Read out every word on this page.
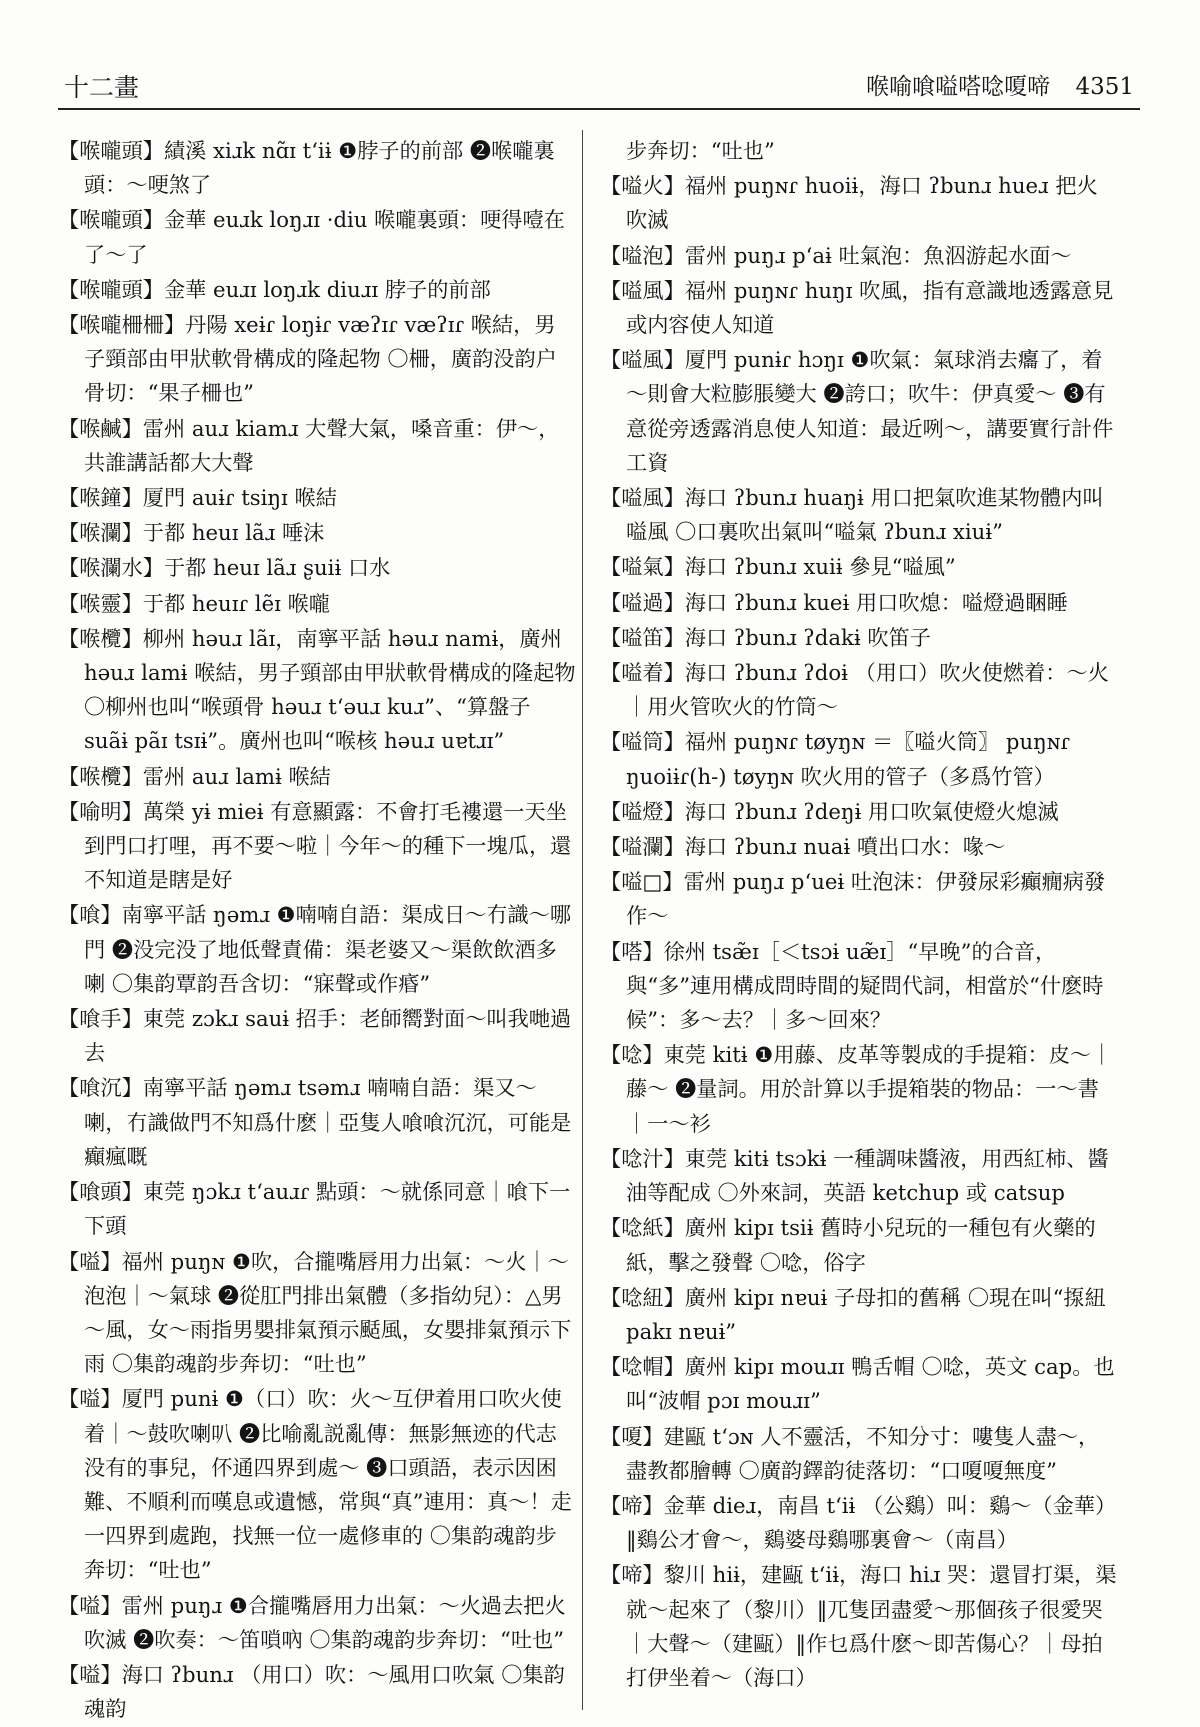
十二畫	喉喻喰嗌嗒唸嗄啼 4351
【喉嚨頭】績溪 xiɹk nɑ̃ɪ tʻiɨ ❶脖子的前部 ❷喉嚨裏頭：～哽煞了
【喉嚨頭】金華 euɹk loŋɹɪ ·diu 喉嚨裏頭：哽得噎在了～了
【喉嚨頭】金華 euɹɪ loŋɹk diuɹɪ 脖子的前部
【喉嚨柵柵】丹陽 xeɨɾ loŋɨɾ væʔɪɾ væʔɪɾ 喉結，男子頸部由甲狀軟骨構成的隆起物 〇柵，廣韵没韵户骨切：“果子柵也”
【喉鹹】雷州 auɹ kiamɹ 大聲大氣，嗓音重：伊～，共誰講話都大大聲
【喉鐘】厦門 auɨɾ tsiŋɪ 喉結
【喉瀾】于都 heuɪ lãɹ 唾沫
【喉瀾水】于都 heuɪ lãɹ ʂuiɨ 口水
【喉靈】于都 heuɪɾ lẽɪ 喉嚨
【喉欖】柳州 həuɹ lãɪ，南寧平話 həuɹ namɨ，廣州 həuɹ lamɨ 喉結，男子頸部由甲狀軟骨構成的隆起物 〇柳州也叫“喉頭骨 həuɹ tʻəuɹ kuɹ”、“算盤子 suãɨ pãɪ tsɪɨ”。廣州也叫“喉核 həuɹ uɐtɹɪ”
【喉欖】雷州 auɹ lamɨ 喉結
【喻明】萬榮 yɨ mieɨ 有意顯露：不會打毛褸還一天坐到門口打哩，再不要～啦｜今年～的種下一塊瓜，還不知道是瞎是好
【喰】南寧平話 ŋəmɹ ❶喃喃自語：渠成日～冇識～哪門 ❷没完没了地低聲責備：渠老婆又～渠飲飲酒多喇 〇集韵覃韵吾含切：“寐聲或作痻”
【喰手】東莞 zɔkɹ sauɨ 招手：老師嚮對面～叫我哋過去
【喰沉】南寧平話 ŋəmɹ tsəmɹ 喃喃自語：渠又～喇，冇識做門不知爲什麽｜亞隻人喰喰沉沉，可能是癲瘋嘅
【喰頭】東莞 ŋɔkɹ tʻauɹɾ 點頭：～就係同意｜喰下一下頭
【嗌】福州 puŋɴ ❶吹，合攏嘴唇用力出氣：～火｜～泡泡｜～氣球 ❷從肛門排出氣體（多指幼兒）：△男～風，女～雨指男嬰排氣預示颳風，女嬰排氣預示下雨 〇集韵魂韵步奔切：“吐也”
【嗌】厦門 punɨ ❶（口）吹：火～互伊着用口吹火使着｜～鼓吹喇叭 ❷比喻亂説亂傳：無影無迹的代志没有的事兒，伓通四界到處～ ❸口頭語，表示因困難、不順利而嘆息或遺憾，常與“真”連用：真～！走一四界到處跑，找無一位一處修車的 〇集韵魂韵步奔切：“吐也”
【嗌】雷州 puŋɹ ❶合攏嘴唇用力出氣：～火過去把火吹滅 ❷吹奏：～笛嗩吶 〇集韵魂韵步奔切：“吐也”
【嗌】海口 ʔbunɹ （用口）吹：～風用口吹氣 〇集韵魂韵
步奔切：“吐也”
【嗌火】福州 puŋɴɾ huoiɨ，海口 ʔbunɹ hueɹ 把火吹滅
【嗌泡】雷州 puŋɹ pʻaɨ 吐氣泡：魚泅游起水面～
【嗌風】福州 puŋɴɾ huŋɪ 吹風，指有意識地透露意見或内容使人知道
【嗌風】厦門 punɨɾ hɔŋɪ ❶吹氣：氣球消去癟了，着～則會大粒膨脹變大 ❷誇口；吹牛：伊真愛～ ❸有意從旁透露消息使人知道：最近咧～，講要實行計件工資
【嗌風】海口 ʔbunɹ huaŋɨ 用口把氣吹進某物體内叫嗌風 〇口裏吹出氣叫“嗌氣 ʔbunɹ xiuɨ”
【嗌氣】海口 ʔbunɹ xuiɨ 參見“嗌風”
【嗌過】海口 ʔbunɹ kueɨ 用口吹熄：嗌燈過睏睡
【嗌笛】海口 ʔbunɹ ʔdakɨ 吹笛子
【嗌着】海口 ʔbunɹ ʔdoɨ （用口）吹火使燃着：～火｜用火管吹火的竹筒～
【嗌筒】福州 puŋɴɾ tøyŋɴ ＝〖嗌火筒〗 puŋɴɾ ŋuoiɨɾ(h-) tøyŋɴ 吹火用的管子（多爲竹管）
【嗌燈】海口 ʔbunɹ ʔdeŋɨ 用口吹氣使燈火熄滅
【嗌瀾】海口 ʔbunɹ nuaɨ 噴出口水：喙～
【嗌□】雷州 puŋɹ pʻueɨ 吐泡沫：伊發尿彩癲癇病發作～
【嗒】徐州 tsæ̃ɪ［＜tsɔɨ uæ̃ɪ］“早晚”的合音，與“多”連用構成問時間的疑問代詞，相當於“什麽時候”：多～去？｜多～回來？
【唸】東莞 kitɨ ❶用藤、皮革等製成的手提箱：皮～｜藤～ ❷量詞。用於計算以手提箱裝的物品：一～書｜一～衫
【唸汁】東莞 kitɨ tsɔkɨ 一種調味醬液，用西紅柿、醬油等配成 〇外來詞，英語 ketchup 或 catsup
【唸紙】廣州 kipɪ tsiɨ 舊時小兒玩的一種包有火藥的紙，擊之發聲 〇唸，俗字
【唸紐】廣州 kipɪ nɐuɨ 子母扣的舊稱 〇現在叫“揼紐 pakɪ nɐuɨ”
【唸帽】廣州 kipɪ mouɹɪ 鴨舌帽 〇唸，英文 cap。也叫“波帽 pɔɪ mouɹɪ”
【嗄】建甌 tʻɔɴ 人不靈活，不知分寸：嘍隻人盡～，盡教都膾轉 〇廣韵鐸韵徒落切：“口嗄嗄無度”
【啼】金華 dieɹ，南昌 tʻiɨ （公鷄）叫：鷄～（金華）‖鷄公才會～，鷄婆母鷄哪裏會～（南昌）
【啼】黎川 hiɨ，建甌 tʻiɨ，海口 hiɹ 哭：還冒打渠，渠就～起來了（黎川）‖兀隻囝盡愛～那個孩子很愛哭｜大聲～（建甌）‖作乜爲什麽～即苦傷心？｜母拍打伊坐着～（海口）
